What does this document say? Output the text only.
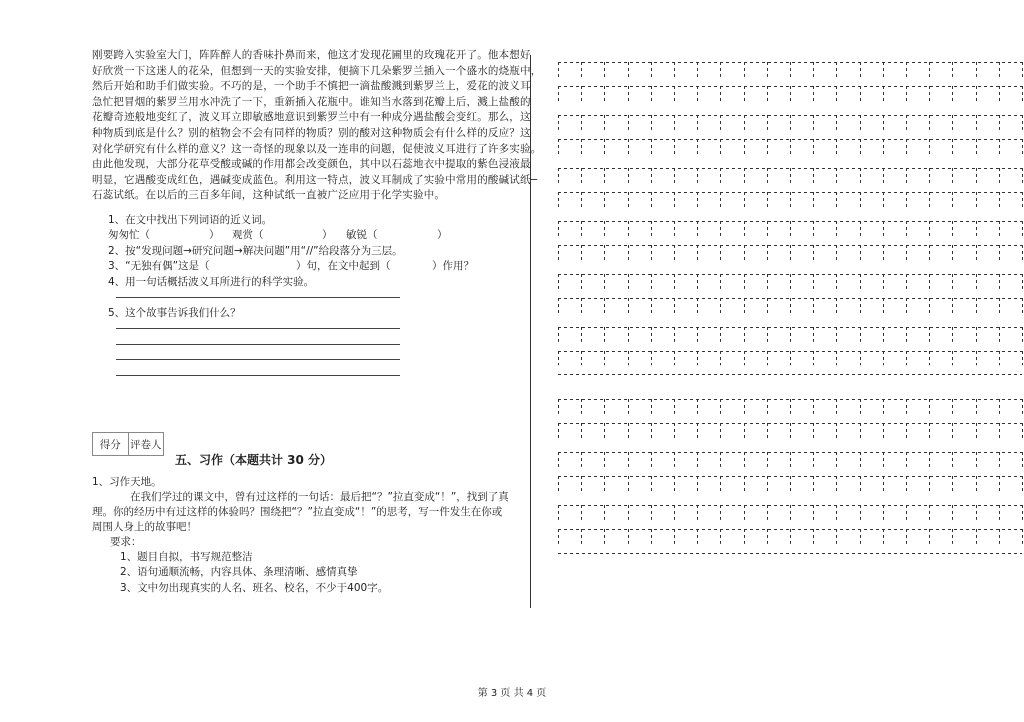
刚要跨入实验室大门，阵阵醉人的香味扑鼻而来，他这才发现花圃里的玫瑰花开了。他本想好
好欣赏一下这迷人的花朵，但想到一天的实验安排，便摘下几朵紫罗兰插入一个盛水的烧瓶中，
然后开始和助手们做实验。不巧的是，一个助手不慎把一滴盐酸溅到紫罗兰上，爱花的波义耳
急忙把冒烟的紫罗兰用水冲洗了一下，重新插入花瓶中。谁知当水落到花瓣上后，溅上盐酸的
花瓣奇迹般地变红了，波义耳立即敏感地意识到紫罗兰中有一种成分遇盐酸会变红。那么，这
种物质到底是什么？别的植物会不会有同样的物质？别的酸对这种物质会有什么样的反应？这
对化学研究有什么样的意义？这一奇怪的现象以及一连串的问题，促使波义耳进行了许多实验。
由此他发现，大部分花草受酸或碱的作用都会改变颜色，其中以石蕊地衣中提取的紫色浸液最
明显，它遇酸变成红色，遇碱变成蓝色。利用这一特点，波义耳制成了实验中常用的酸碱试纸─
石蕊试纸。在以后的三百多年间，这种试纸一直被广泛应用于化学实验中。

1、在文中找出下列词语的近义词。
匆匆忙（	） 观赏（	） 敏锐（	）
2、按“发现问题→研究问题→解决问题”用“//”给段落分为三层。
3、“无独有偶”这是（	）句，在文中起到（	）作用？
4、用一句话概括波义耳所进行的科学实验。
5、这个故事告诉我们什么？
得分 评卷人
五、习作（本题共计 30 分）
1、习作天地。
在我们学过的课文中，曾有过这样的一句话：最后把“？”拉直变成“！”，找到了真
理。你的经历中有过这样的体验吗？围绕把“？”拉直变成“！”的思考，写一件发生在你或
周围人身上的故事吧！
要求：
1、题目自拟，书写规范整洁
2、语句通顺流畅，内容具体、条理清晰、感情真挚
3、文中勿出现真实的人名、班名、校名，不少于400字。
第 3 页 共 4 页
